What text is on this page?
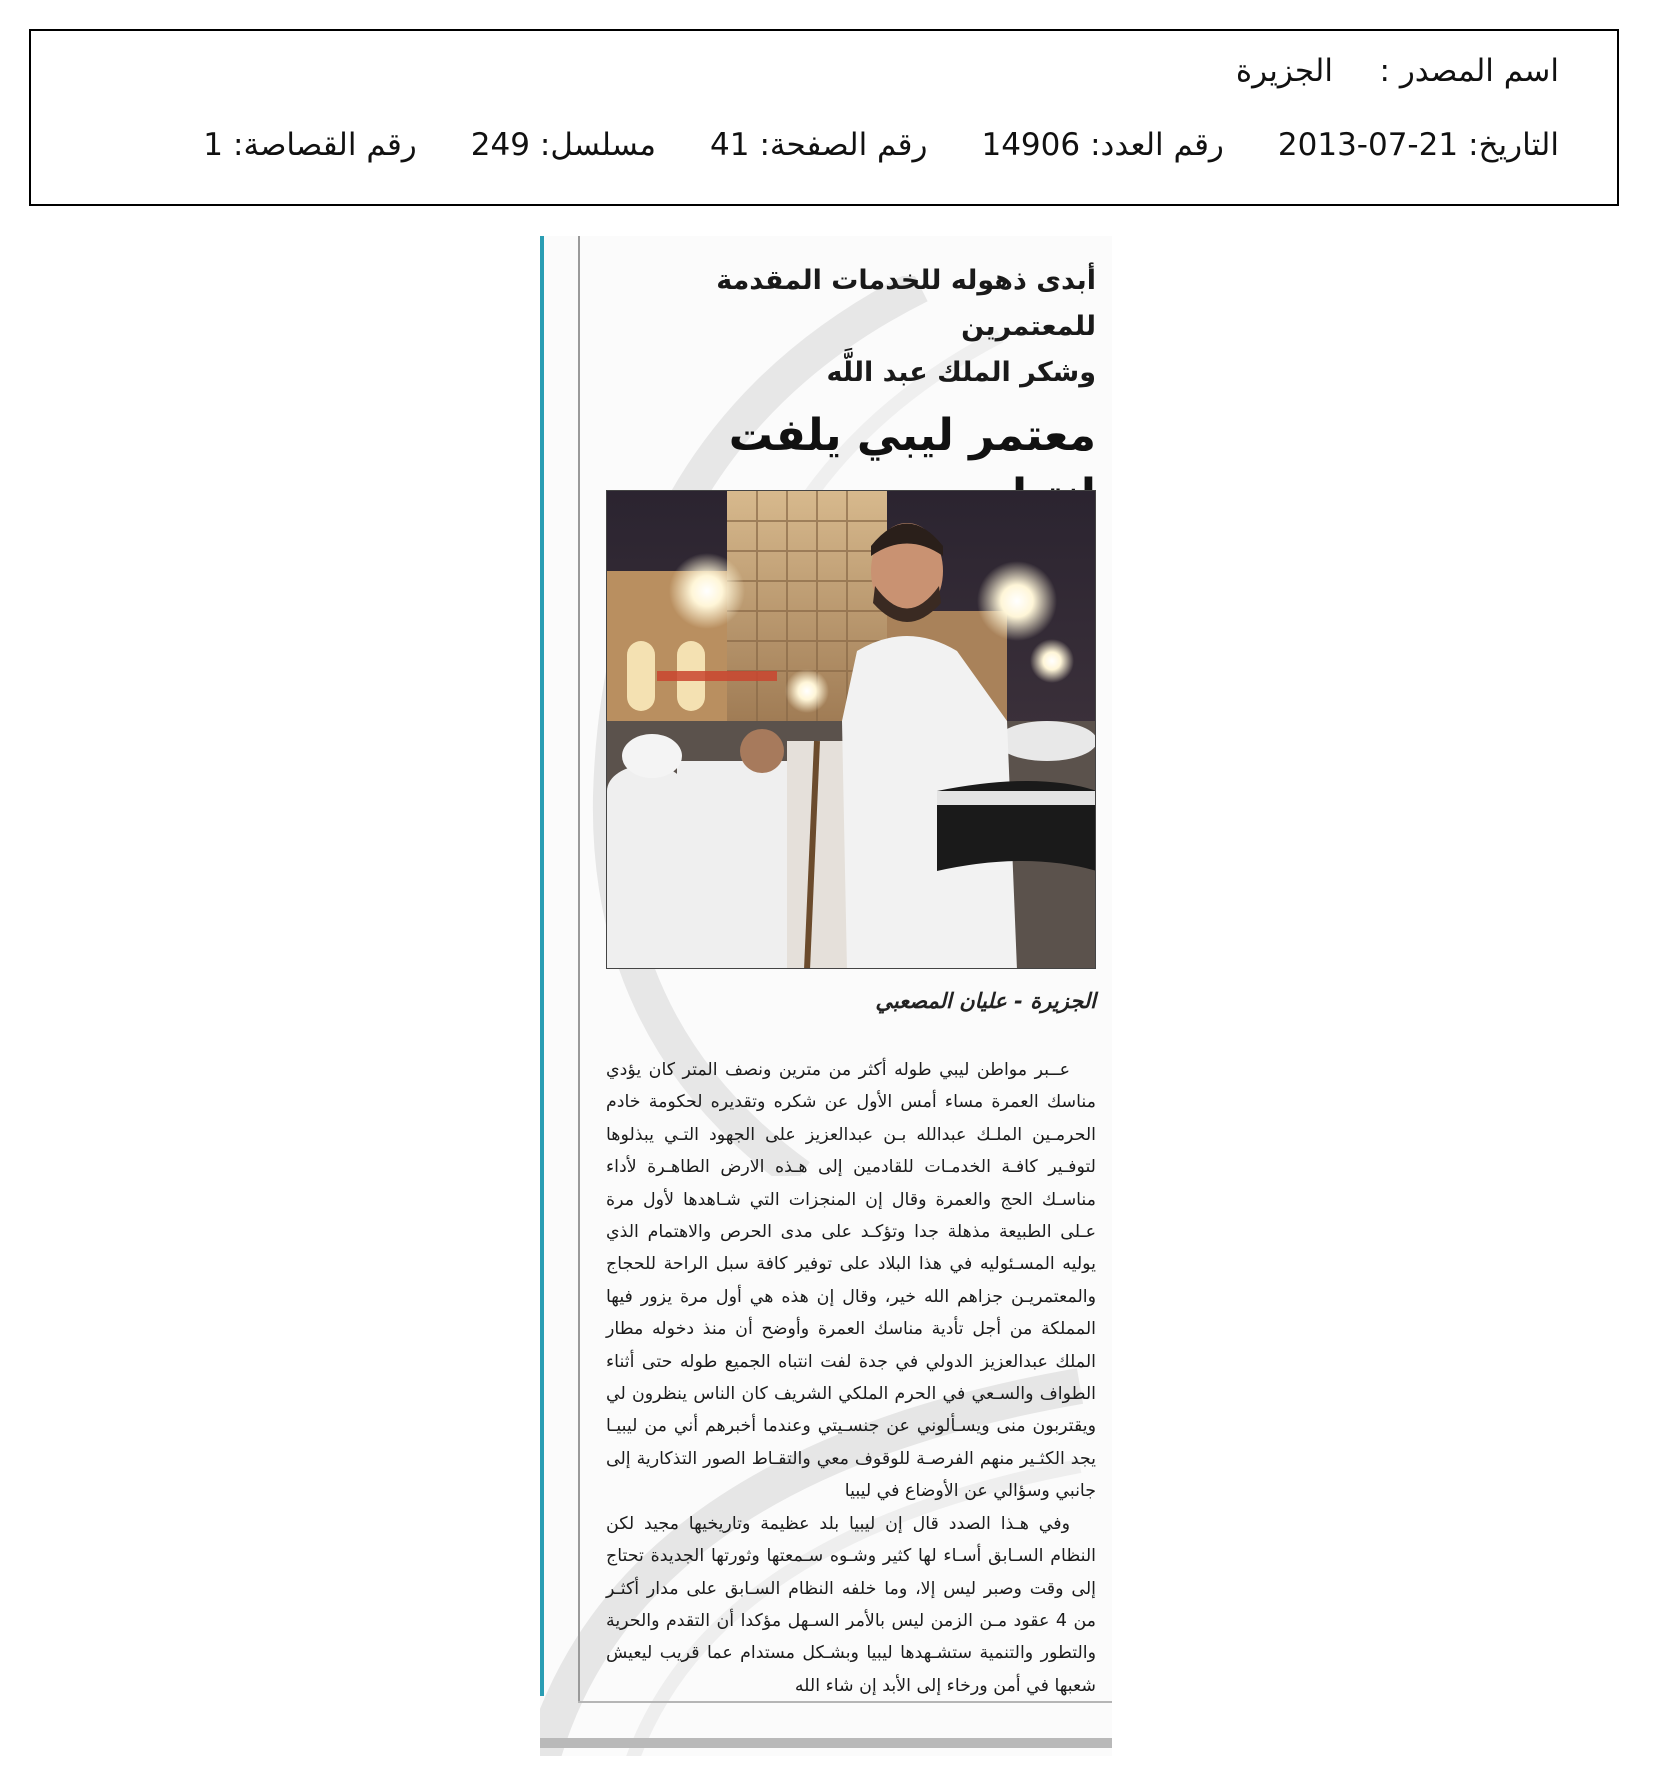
اسم المصدر :
الجزيرة
التاريخ:
2013-07-21
رقم العدد:
14906
رقم الصفحة:
41
مسلسل:
249
رقم القصاصة:
1

أبدى ذهوله للخدمات المقدمة للمعتمرين
وشكر الملك عبد اللَّه

معتمر ليبي يلفت

الجزيرة - عليان المصعبي

عــبر مواطن ليبي طوله أكثر من مترين ونصف المتر كان يؤدي مناسك العمرة مساء أمس الأول عن شكره وتقديره لحكومة خادم الحرمـين الملـك عبدالله بـن عبدالعزيز على الجهود التـي يبذلوها لتوفـير كافـة الخدمـات للقادمين إلى هـذه الارض الطاهـرة لأداء مناسـك الحج والعمرة وقال إن المنجزات التي شـاهدها لأول مرة عـلى الطبيعة مذهلة جدا وتؤكـد على مدى الحرص والاهتمام الذي يوليه المسـئوليه في هذا البلاد على توفير كافة سبل الراحة للحجاج والمعتمريـن جزاهم الله خير، وقال إن هذه هي أول مرة يزور فيها المملكة من أجل تأدية مناسك العمرة وأوضح أن منذ دخوله مطار الملك عبدالعزيز الدولي في جدة لفت انتباه الجميع طوله حتى أثناء الطواف والسـعي في الحرم الملكي الشريف كان الناس ينظرون لي ويقتربون منى ويسـألوني عن جنسـيتي وعندما أخبرهم أني من ليبيـا يجد الكثـير منهم الفرصـة للوقوف معي والتقـاط الصور التذكارية إلى جانبي وسؤالي عن الأوضاع في ليبيا

وفي هـذا الصدد قال إن ليبيا بلد عظيمة وتاريخيها مجيد لكن النظام السـابق أسـاء لها كثير وشـوه سـمعتها وثورتها الجديدة تحتاج إلى وقت وصبر ليس إلا، وما خلفه النظام السـابق على مدار أكثـر من 4 عقود مـن الزمن ليس بالأمر السـهل مؤكدا أن التقدم والحرية والتطور والتنمية ستشـهدها ليبيا وبشـكل مستدام عما قريب ليعيش شعبها في أمن ورخاء إلى الأبد إن شاء الله
